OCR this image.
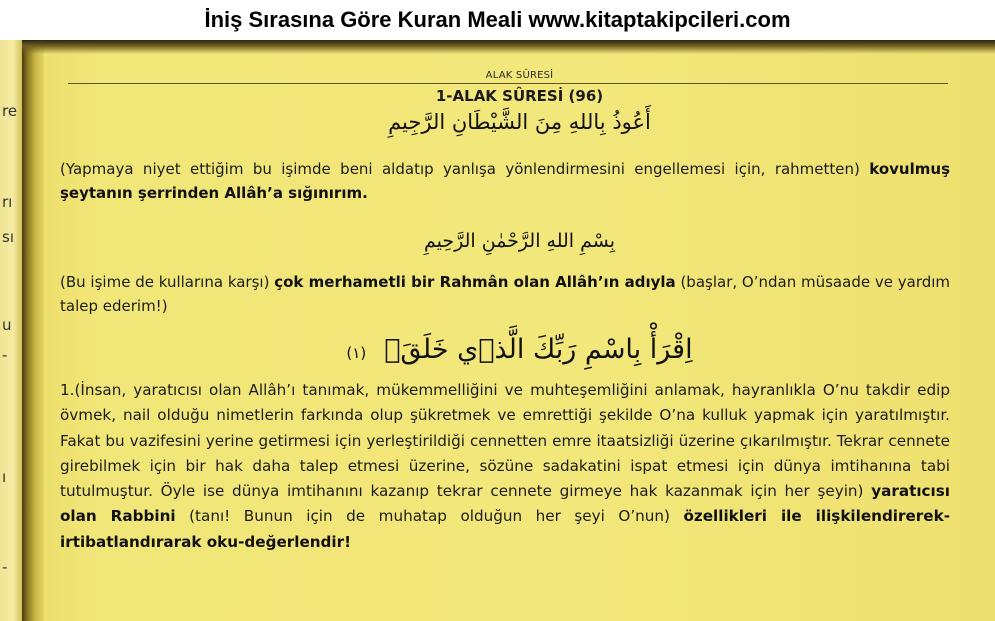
İniş Sırasına Göre Kuran Meali www.kitaptakipcileri.com
re
rı
sı
u
-
ı
-
ALAK SÛRESİ
1-ALAK SÛRESİ (96)
أَعُوذُ بِاللهِ مِنَ الشَّيْطَانِ الرَّجِيمِ
(Yapmaya niyet ettiğim bu işimde beni aldatıp yanlışa yönlendirmesini engellemesi için, rahmetten) kovulmuş şeytanın şerrinden Allâh’a sığınırım.
بِسْمِ اللهِ الرَّحْمٰنِ الرَّحِيمِ
(Bu işime de kullarına karşı) çok merhametli bir Rahmân olan Allâh’ın adıyla (başlar, O’ndan müsaade ve yardım talep ederim!)
اِقْرَأْ بِاسْمِ رَبِّكَ الَّذ۪ي خَلَقَۚ(١)
1.(İnsan, yaratıcısı olan Allâh’ı tanımak, mükemmelliğini ve muhteşemliğini anlamak, hayranlıkla O’nu takdir edip övmek, nail olduğu nimetlerin farkında olup şükretmek ve emrettiği şekilde O’na kulluk yapmak için yaratılmıştır. Fakat bu vazifesini yerine getirmesi için yerleştirildiği cennetten emre itaatsizliği üzerine çıkarılmıştır. Tekrar cennete girebilmek için bir hak daha talep etmesi üzerine, sözüne sadakatini ispat etmesi için dünya imtihanına tabi tutulmuştur. Öyle ise dünya imtihanını kazanıp tekrar cennete girmeye hak kazanmak için her şeyin) yaratıcısı olan Rabbini (tanı! Bunun için de muhatap olduğun her şeyi O’nun) özellikleri ile ilişkilendirerek-irtibatlandırarak oku-değerlendir!
